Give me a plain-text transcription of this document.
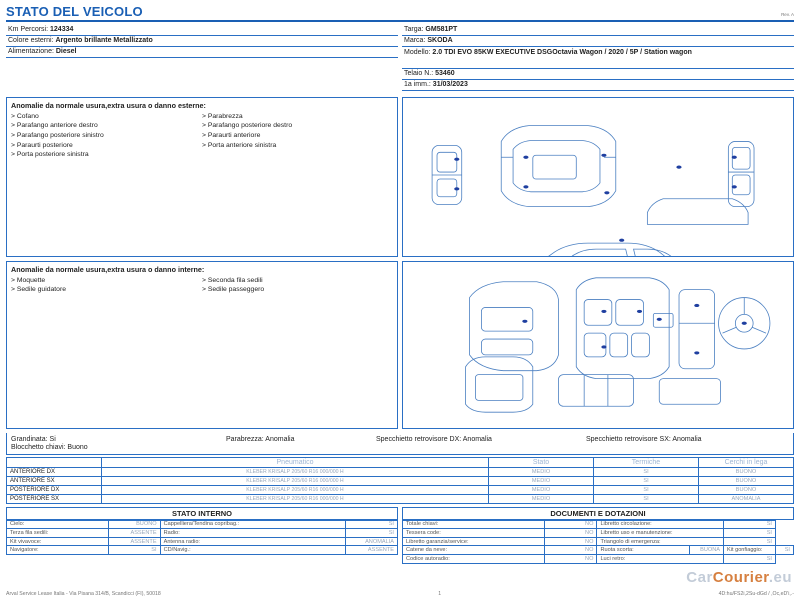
STATO DEL VEICOLO	Rev. A
Km Percorsi: 124334
Colore esterni: Argento brillante Metallizzato
Alimentazione: Diesel
Targa: GM581PT
Marca: SKODA
Modello: 2.0 TDI EVO 85KW EXECUTIVE DSGOctavia Wagon / 2020 / 5P / Station wagon
Telaio N.: 53460
1a imm.: 31/03/2023
Anomalie da normale usura,extra usura o danno esterne:
> Cofano
> Parafango anteriore destro
> Parafango posteriore sinistro
> Paraurti posteriore
> Porta posteriore sinistra
> Parabrezza
> Parafango posteriore destro
> Paraurti anteriore
> Porta anteriore sinistra
Anomalie da normale usura,extra usura o danno interne:
> Moquette
> Sedile guidatore
> Seconda fila sedili
> Sedile passeggero
Grandinata: Si	Parabrezza: Anomalia	Specchietto retrovisore DX: Anomalia	Specchietto retrovisore SX: Anomalia
Blocchetto chiavi: Buono
	Pneumatico	Stato	Termiche	Cerchi in lega
ANTERIORE DX	KLEBER KRISALP 205/60 R16 000/000 H	MEDIO	SI	BUONO
ANTERIORE SX	KLEBER KRISALP 205/60 R16 000/000 H	MEDIO	SI	BUONO
POSTERIORE DX	KLEBER KRISALP 205/60 R16 000/000 H	MEDIO	SI	BUONO
POSTERIORE SX	KLEBER KRISALP 205/60 R16 000/000 H	MEDIO	SI	ANOMALIA
STATO INTERNO
Cielo:	BUONO	Cappelliera/Tendina copribag.:	SI
Terza fila sedili:	ASSENTE	Radio:	SI
Kit vivavoce:	ASSENTE	Antenna radio:	ANOMALIA
Navigatore:	SI	CD/Navig.:	ASSENTE
DOCUMENTI E DOTAZIONI
Totale chiavi:	NO	Libretto circolazione:		SI	
Tessera code:	NO	Libretto uso e manutenzione:		SI	
Libretto garanzia/service:	NO	Triangolo di emergenza:		SI	
Catene da neve:	NO	Ruota scorta:	BUONA	Kit gonfiaggio:	SI
Codice autoradio:	NO	Luci retro:		SI	
CarCourier.eu
Arval Service Lease Italia - Via Pisana 314/B, Scandicci (FI), 50018	1	4D:hu/FS2i,2Su-dGd / ,Oc,eD'i,.-
